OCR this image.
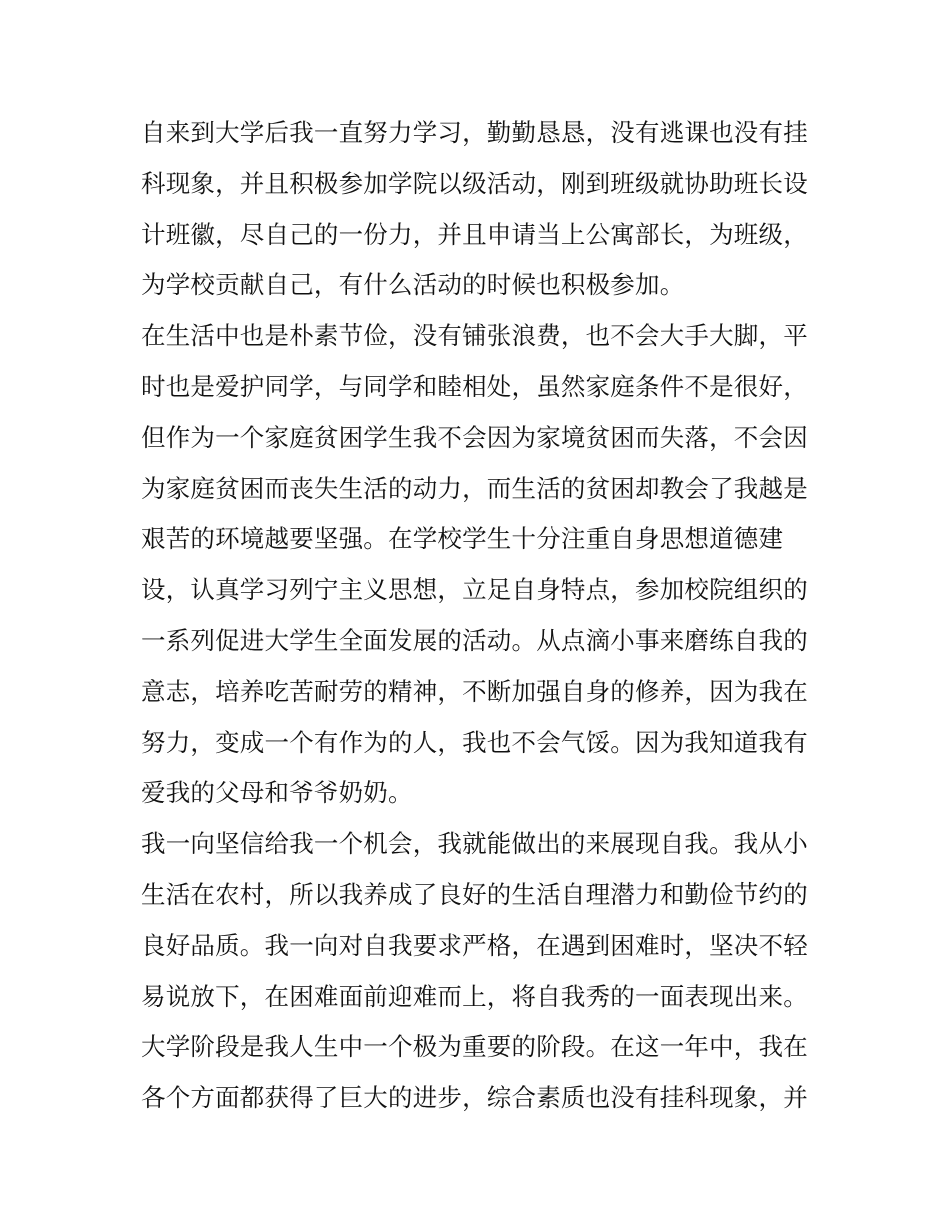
自来到大学后我一直努力学习，勤勤恳恳，没有逃课也没有挂
科现象，并且积极参加学院以级活动，刚到班级就协助班长设
计班徽，尽自己的一份力，并且申请当上公寓部长，为班级，
为学校贡献自己，有什么活动的时候也积极参加。
在生活中也是朴素节俭，没有铺张浪费，也不会大手大脚，平
时也是爱护同学，与同学和睦相处，虽然家庭条件不是很好，
但作为一个家庭贫困学生我不会因为家境贫困而失落，不会因
为家庭贫困而丧失生活的动力，而生活的贫困却教会了我越是
艰苦的环境越要坚强。在学校学生十分注重自身思想道德建
设，认真学习列宁主义思想，立足自身特点，参加校院组织的
一系列促进大学生全面发展的活动。从点滴小事来磨练自我的
意志，培养吃苦耐劳的精神，不断加强自身的修养，因为我在
努力，变成一个有作为的人，我也不会气馁。因为我知道我有
爱我的父母和爷爷奶奶。
我一向坚信给我一个机会，我就能做出的来展现自我。我从小
生活在农村，所以我养成了良好的生活自理潜力和勤俭节约的
良好品质。我一向对自我要求严格，在遇到困难时，坚决不轻
易说放下，在困难面前迎难而上，将自我秀的一面表现出来。
大学阶段是我人生中一个极为重要的阶段。在这一年中，我在
各个方面都获得了巨大的进步，综合素质也没有挂科现象，并
